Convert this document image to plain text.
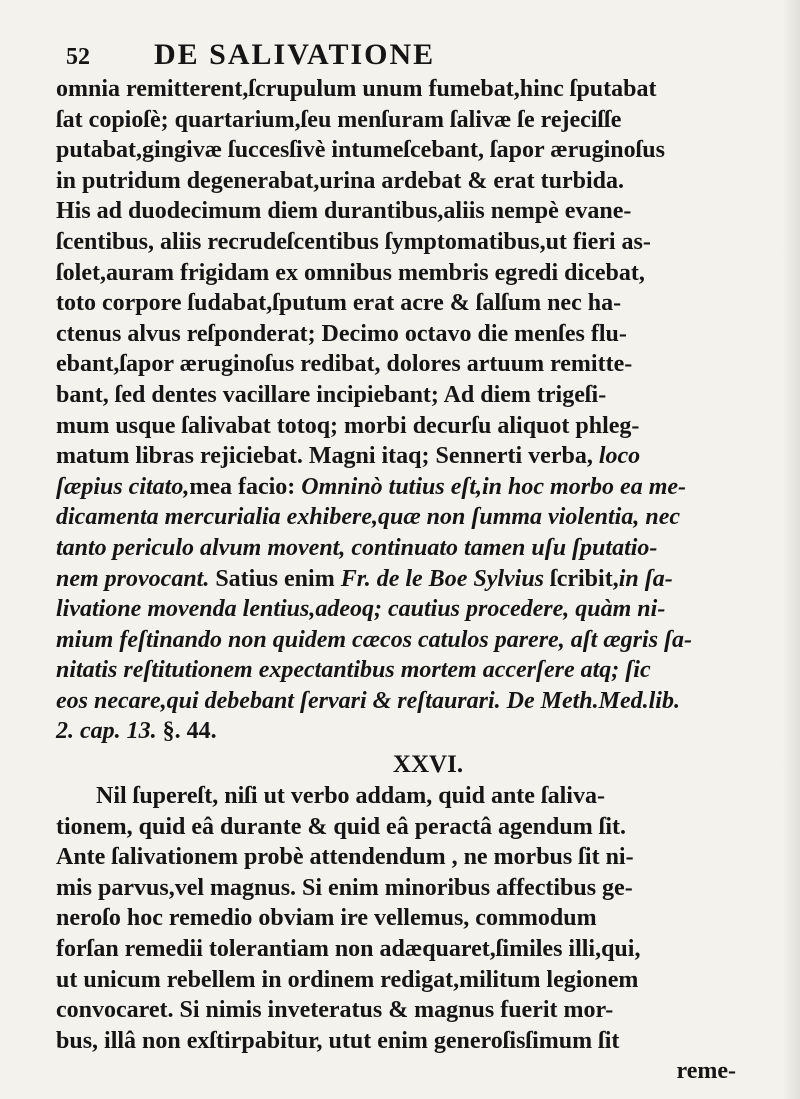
52	DE SALIVATIONE

omnia remitterent,ſcrupulum unum fumebat,hinc ſputabat

ſat copioſè; quartarium,ſeu menſuram ſalivæ ſe rejeciſſe

putabat,gingivæ ſuccesſivè intumeſcebant, ſapor æruginoſus

in putridum degenerabat,urina ardebat & erat turbida.

His ad duodecimum diem durantibus,aliis nempè evane-

ſcentibus, aliis recrudeſcentibus ſymptomatibus,ut fieri as-

ſolet,auram frigidam ex omnibus membris egredi dicebat,

toto corpore ſudabat,ſputum erat acre & ſalſum nec ha-

ctenus alvus reſponderat; Decimo octavo die menſes flu-

ebant,ſapor æruginoſus redibat, dolores artuum remitte-

bant, ſed dentes vacillare incipiebant; Ad diem trigeſi-

mum usque ſalivabat totoq; morbi decurſu aliquot phleg-

matum libras rejiciebat. Magni itaq; Sennerti verba, loco

ſæpius citato,mea facio: Omninò tutius eſt,in hoc morbo ea me-

dicamenta mercurialia exhibere,quæ non ſumma violentia, nec

tanto periculo alvum movent, continuato tamen uſu ſputatio-

nem provocant. Satius enim Fr. de le Boe Sylvius ſcribit,in ſa-

livatione movenda lentius,adeoq; cautius procedere, quàm ni-

mium feſtinando non quidem cæcos catulos parere, aſt ægris ſa-

nitatis reſtitutionem expectantibus mortem accerſere atq; ſic

eos necare,qui debebant ſervari & reſtaurari. De Meth.Med.lib.

2. cap. 13. §. 44.

XXVI.

Nil ſupereſt, niſi ut verbo addam, quid ante ſaliva-

tionem, quid eâ durante & quid eâ peractâ agendum ſit.

Ante ſalivationem probè attendendum , ne morbus ſit ni-

mis parvus,vel magnus. Si enim minoribus affectibus ge-

neroſo hoc remedio obviam ire vellemus, commodum

forſan remedii tolerantiam non adæquaret,ſimiles illi,qui,

ut unicum rebellem in ordinem redigat,militum legionem

convocaret. Si nimis inveteratus & magnus fuerit mor-

bus, illâ non exſtirpabitur, utut enim generoſisſimum ſit

reme-
